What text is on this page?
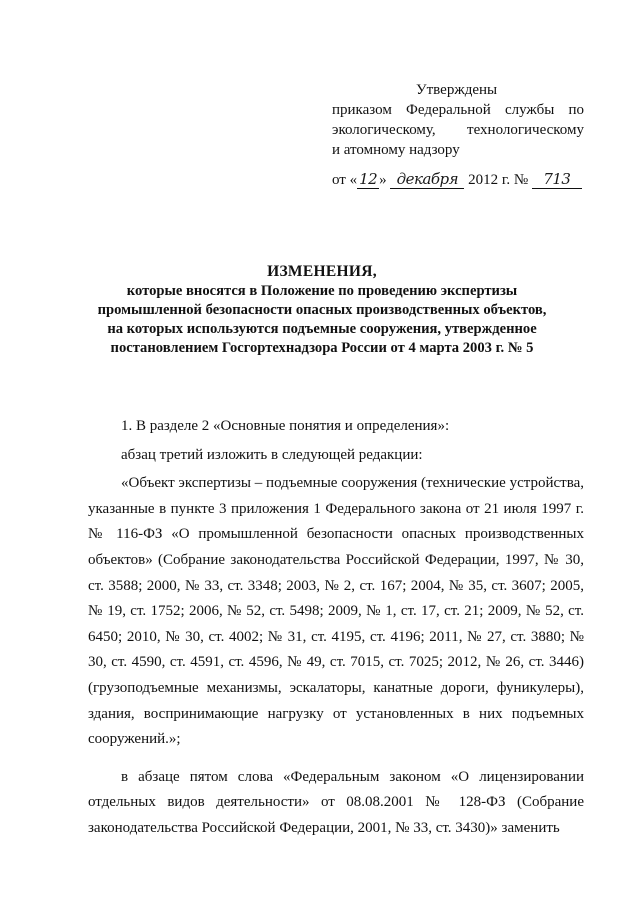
Утверждены
приказом Федеральной службы по
экологическому, технологическому
и атомному надзору
от « 12 » декабря 2012 г. № 713
ИЗМЕНЕНИЯ,
которые вносятся в Положение по проведению экспертизы
промышленной безопасности опасных производственных объектов,
на которых используются подъемные сооружения, утвержденное
постановлением Госгортехнадзора России от 4 марта 2003 г. № 5

1. В разделе 2 «Основные понятия и определения»:

абзац третий изложить в следующей редакции:

«Объект экспертизы – подъемные сооружения (технические устройства, указанные в пункте 3 приложения 1 Федерального закона от 21 июля 1997 г. № 116-ФЗ «О промышленной безопасности опасных производственных объектов» (Собрание законодательства Российской Федерации, 1997, № 30, ст. 3588; 2000, № 33, ст. 3348; 2003, № 2, ст. 167; 2004, № 35, ст. 3607; 2005, № 19, ст. 1752; 2006, № 52, ст. 5498; 2009, № 1, ст. 17, ст. 21; 2009, № 52, ст. 6450; 2010, № 30, ст. 4002; № 31, ст. 4195, ст. 4196; 2011, № 27, ст. 3880; № 30, ст. 4590, ст. 4591, ст. 4596, № 49, ст. 7015, ст. 7025; 2012, № 26, ст. 3446) (грузоподъемные механизмы, эскалаторы, канатные дороги, фуникулеры), здания, воспринимающие нагрузку от установленных в них подъемных сооружений.»;

в абзаце пятом слова «Федеральным законом «О лицензировании отдельных видов деятельности» от 08.08.2001 № 128-ФЗ (Собрание законодательства Российской Федерации, 2001, № 33, ст. 3430)» заменить
